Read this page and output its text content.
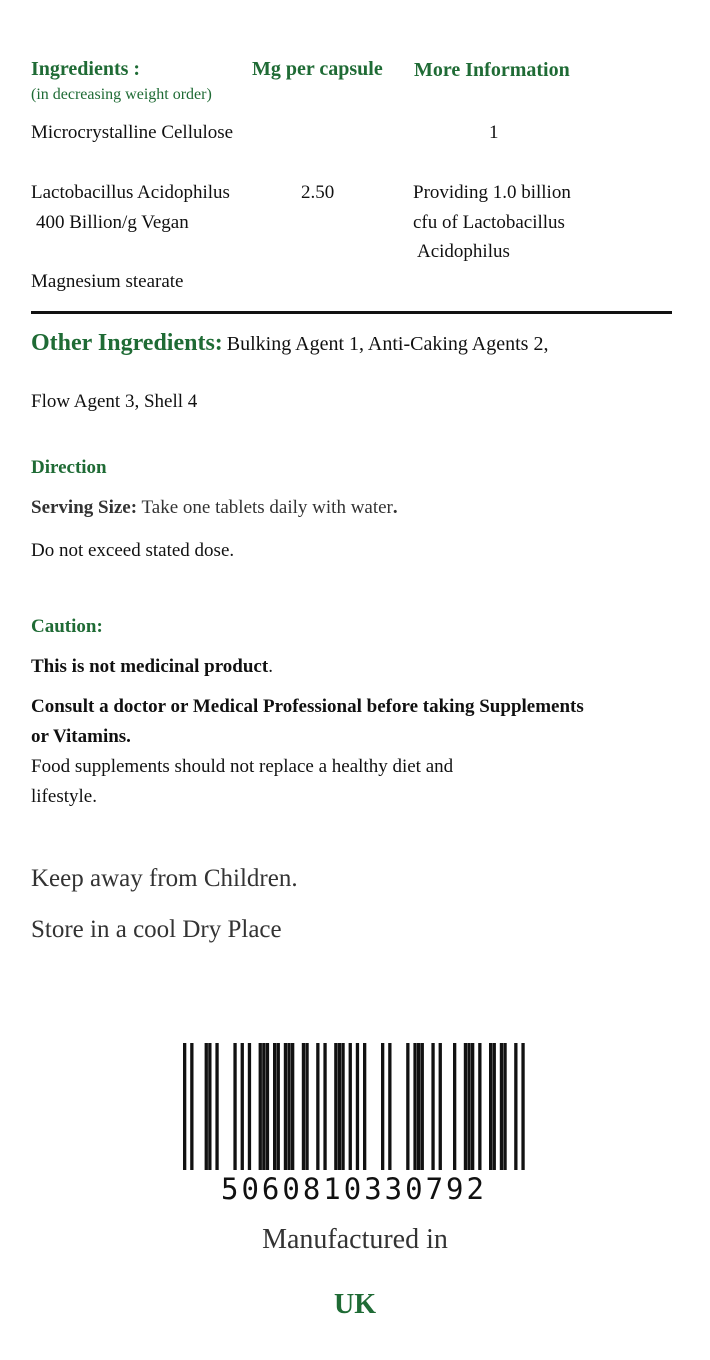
Ingredients :
(in decreasing weight order)
Mg per capsule More Information
Microcrystalline Cellulose	1
Lactobacillus Acidophilus
400 Billion/g Vegan
2.50	Providing 1.0 billion
cfu of Lactobacillus
Acidophilus
Magnesium stearate
Other Ingredients: Bulking Agent 1, Anti-Caking Agents 2,
Flow Agent 3, Shell 4
Direction
Serving Size: Take one tablets daily with water.
Do not exceed stated dose.
Caution:
This is not medicinal product.
Consult a doctor or Medical Professional before taking Supplements
or Vitamins.
Food supplements should not replace a healthy diet and
lifestyle.
Keep away from Children.
Store in a cool Dry Place
5060810330792
Manufactured in
UK
